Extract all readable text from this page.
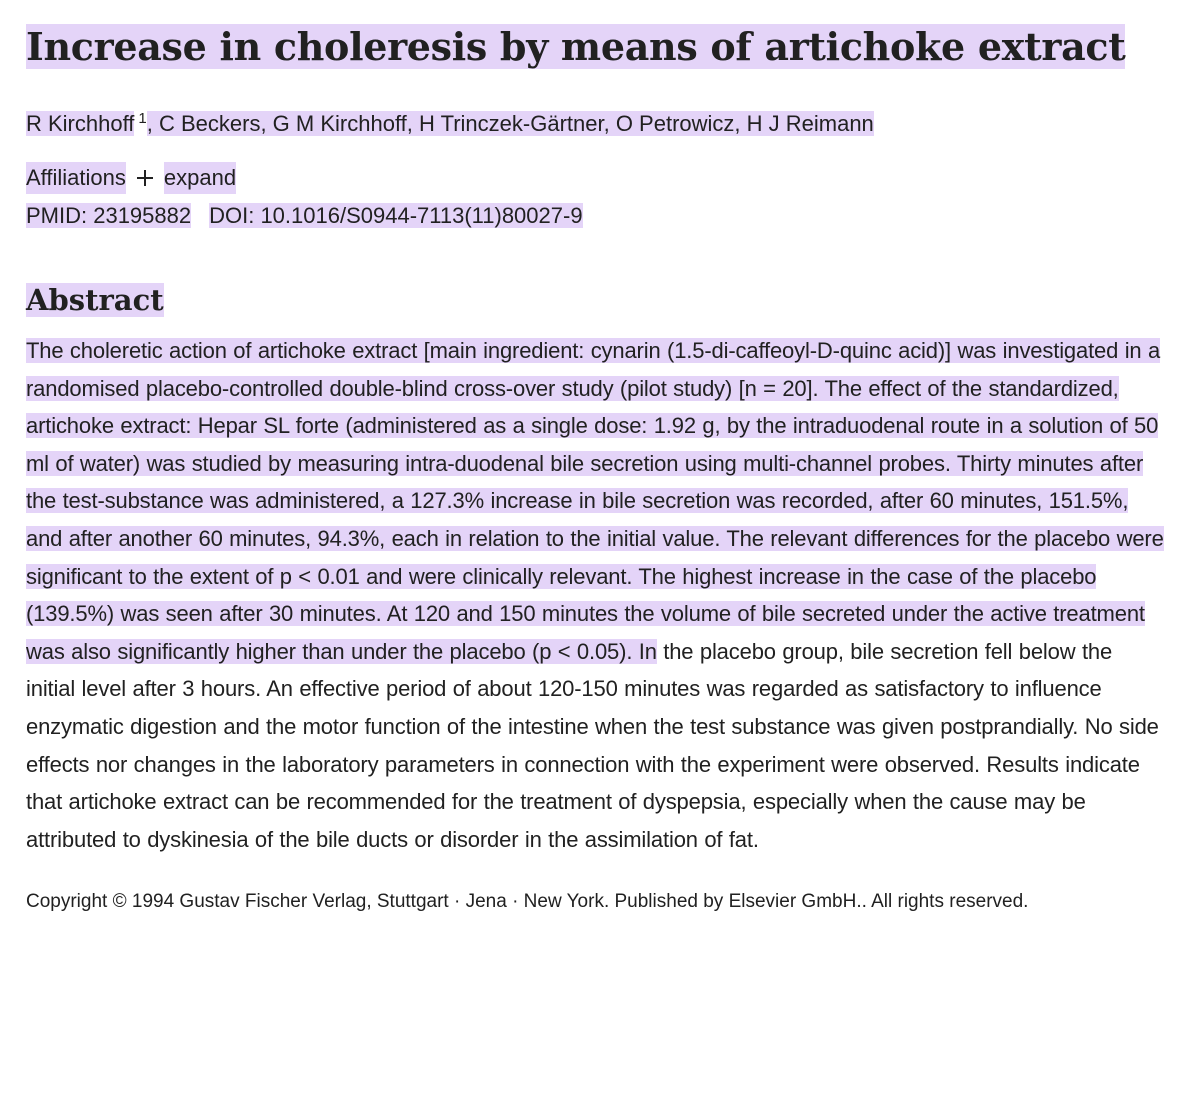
Increase in choleresis by means of artichoke extract
R Kirchhoff $^1$, C Beckers, G M Kirchhoff, H Trinczek-Gärtner, O Petrowicz, H J Reimann
Affiliations expand
PMID: 23195882 DOI: 10.1016/S0944-7113(11)80027-9
Abstract

The choleretic action of artichoke extract [main ingredient: cynarin (1.5-di-caffeoyl-D-quinc acid)] was investigated in a randomised placebo-controlled double-blind cross-over study (pilot study) [n = 20]. The effect of the standardized, artichoke extract: Hepar SL forte (administered as a single dose: 1.92 g, by the intraduodenal route in a solution of 50 ml of water) was studied by measuring intra-duodenal bile secretion using multi-channel probes. Thirty minutes after the test-substance was administered, a 127.3% increase in bile secretion was recorded, after 60 minutes, 151.5%, and after another 60 minutes, 94.3%, each in relation to the initial value. The relevant differences for the placebo were significant to the extent of p < 0.01 and were clinically relevant. The highest increase in the case of the placebo (139.5%) was seen after 30 minutes. At 120 and 150 minutes the volume of bile secreted under the active treatment was also significantly higher than under the placebo (p < 0.05). In the placebo group, bile secretion fell below the initial level after 3 hours. An effective period of about 120-150 minutes was regarded as satisfactory to influence enzymatic digestion and the motor function of the intestine when the test substance was given postprandially. No side effects nor changes in the laboratory parameters in connection with the experiment were observed. Results indicate that artichoke extract can be recommended for the treatment of dyspepsia, especially when the cause may be attributed to dyskinesia of the bile ducts or disorder in the assimilation of fat.

Copyright © 1994 Gustav Fischer Verlag, Stuttgart · Jena · New York. Published by Elsevier GmbH.. All rights reserved.
